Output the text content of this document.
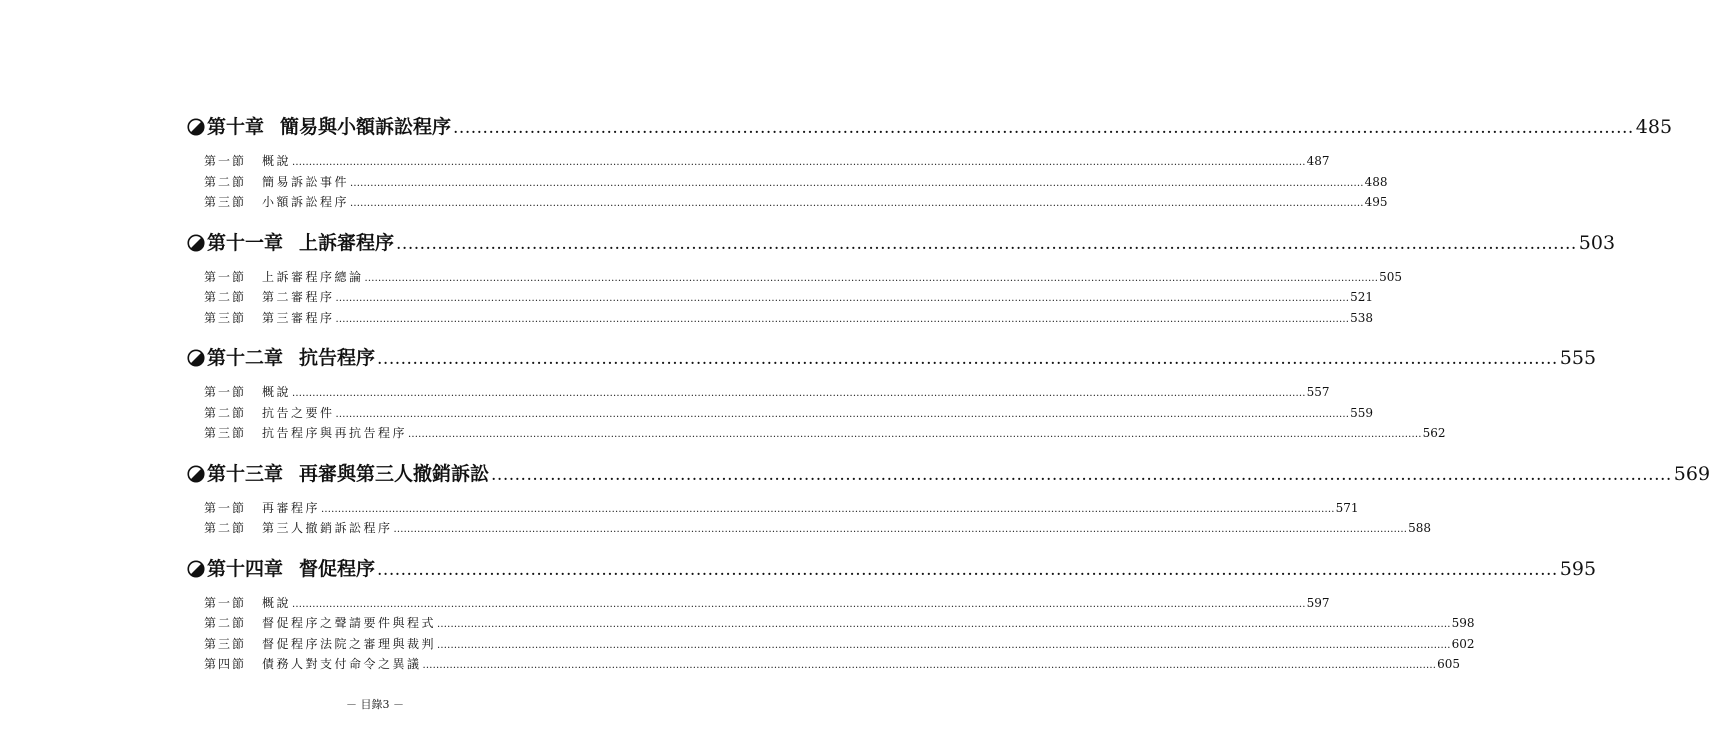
第十章 簡易與小額訴訟程序 ........................................................................................................................................................................................................ 485
第一節	概說 ............................................................................................................................................................................................................................................................................................................ 487
第二節	簡易訴訟事件 ............................................................................................................................................................................................................................................................................................................ 488
第三節	小額訴訟程序 ............................................................................................................................................................................................................................................................................................................ 495
第十一章 上訴審程序 ........................................................................................................................................................................................................ 503
第一節	上訴審程序總論 ............................................................................................................................................................................................................................................................................................................ 505
第二節	第二審程序 ............................................................................................................................................................................................................................................................................................................ 521
第三節	第三審程序 ............................................................................................................................................................................................................................................................................................................ 538
第十二章 抗告程序 ........................................................................................................................................................................................................ 555
第一節	概說 ............................................................................................................................................................................................................................................................................................................ 557
第二節	抗告之要件 ............................................................................................................................................................................................................................................................................................................ 559
第三節	抗告程序與再抗告程序 ............................................................................................................................................................................................................................................................................................................ 562
第十三章 再審與第三人撤銷訴訟 ........................................................................................................................................................................................................ 569
第一節	再審程序 ............................................................................................................................................................................................................................................................................................................ 571
第二節	第三人撤銷訴訟程序 ............................................................................................................................................................................................................................................................................................................ 588
第十四章 督促程序 ........................................................................................................................................................................................................ 595
第一節	概說 ............................................................................................................................................................................................................................................................................................................ 597
第二節	督促程序之聲請要件與程式 ............................................................................................................................................................................................................................................................................................................ 598
第三節	督促程序法院之審理與裁判 ............................................................................................................................................................................................................................................................................................................ 602
第四節	債務人對支付命令之異議 ............................................................................................................................................................................................................................................................................................................ 605
－ 目錄3 －
